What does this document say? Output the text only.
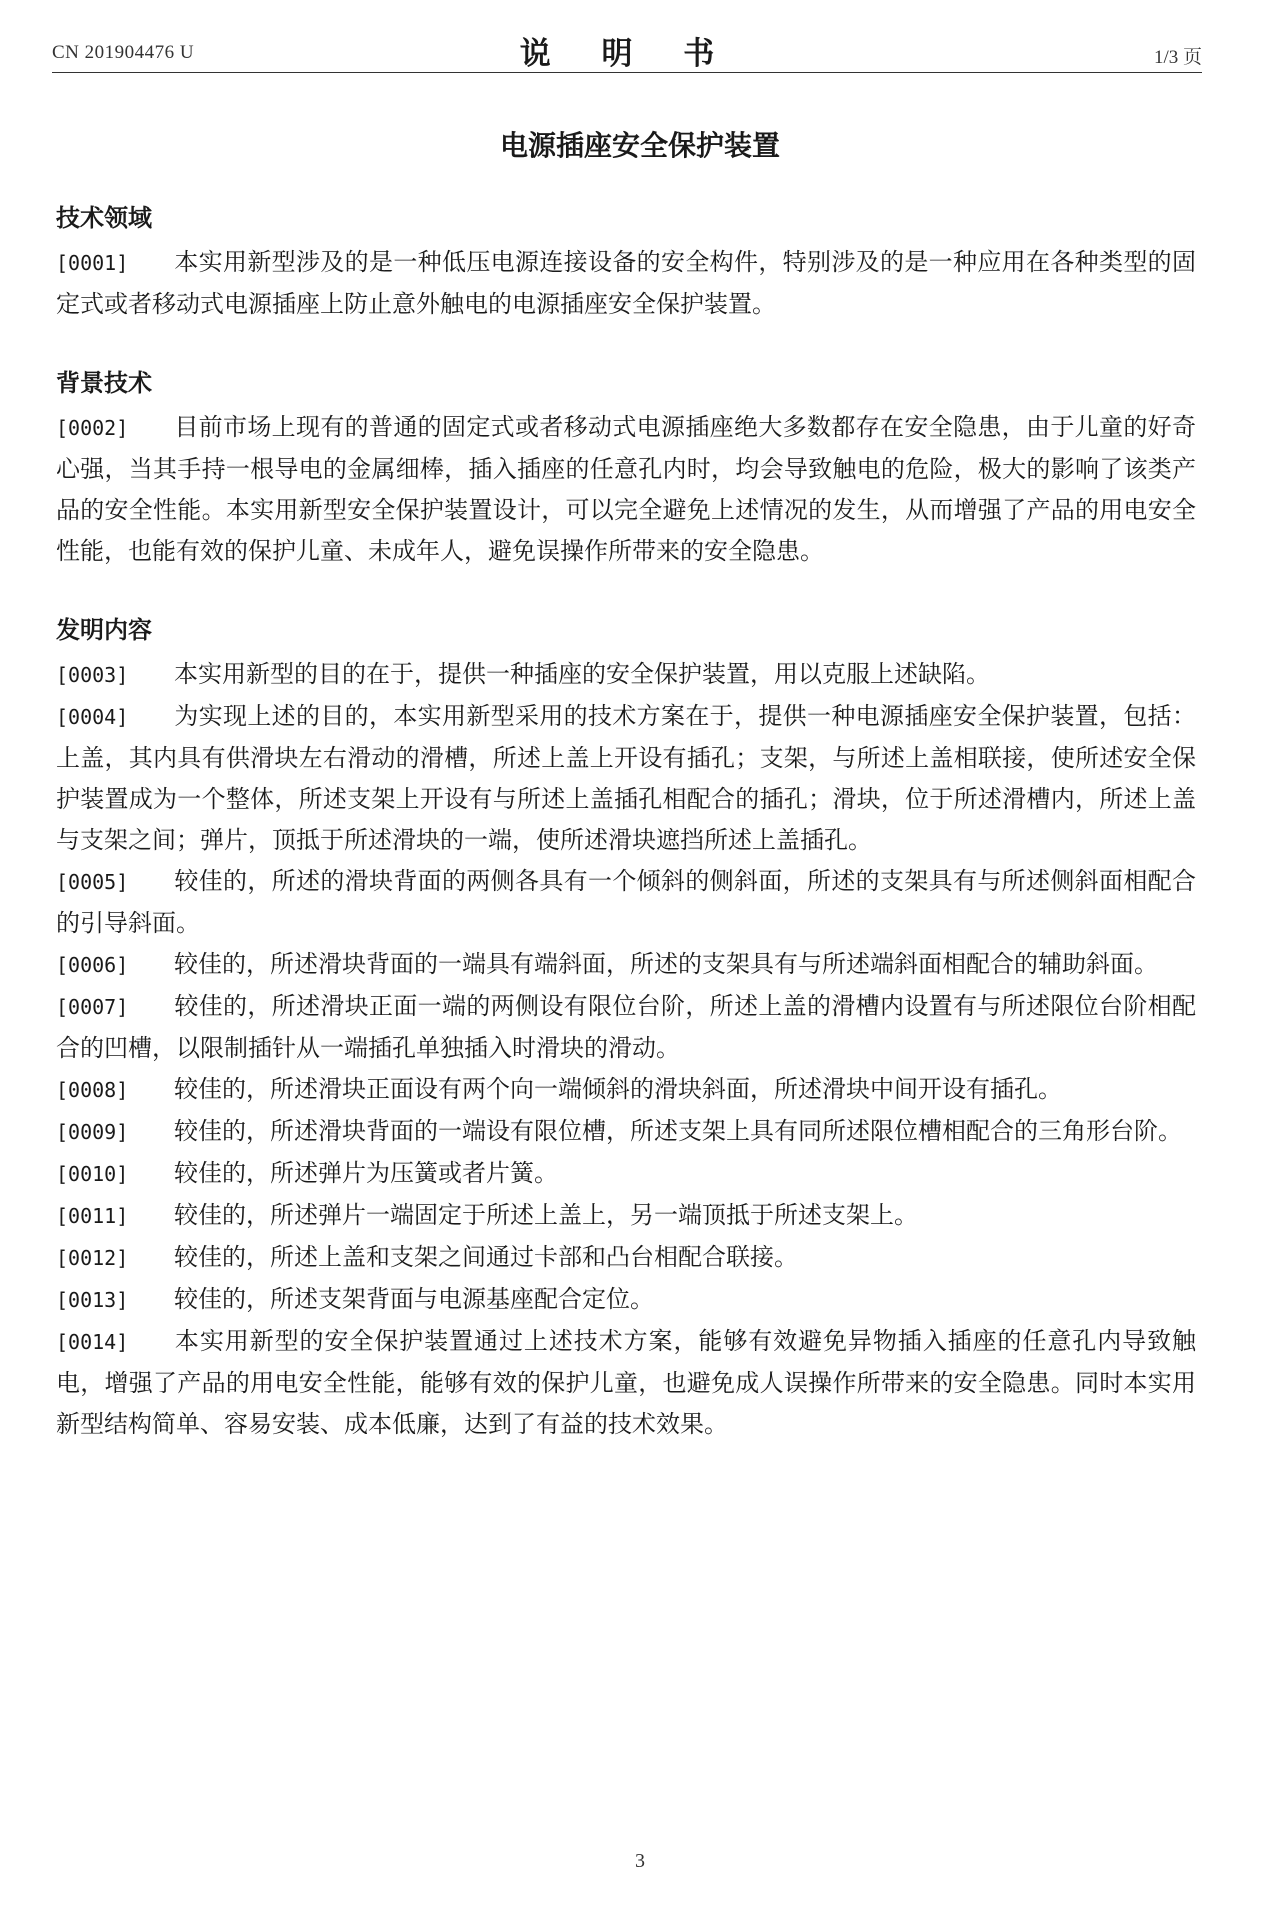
CN 201904476 U	说 明 书	1/3 页
电源插座安全保护装置
技术领域

[0001] 本实用新型涉及的是一种低压电源连接设备的安全构件，特别涉及的是一种应用在各种类型的固定式或者移动式电源插座上防止意外触电的电源插座安全保护装置。

背景技术

[0002] 目前市场上现有的普通的固定式或者移动式电源插座绝大多数都存在安全隐患，由于儿童的好奇心强，当其手持一根导电的金属细棒，插入插座的任意孔内时，均会导致触电的危险，极大的影响了该类产品的安全性能。本实用新型安全保护装置设计，可以完全避免上述情况的发生，从而增强了产品的用电安全性能，也能有效的保护儿童、未成年人，避免误操作所带来的安全隐患。

发明内容

[0003] 本实用新型的目的在于，提供一种插座的安全保护装置，用以克服上述缺陷。

[0004] 为实现上述的目的，本实用新型采用的技术方案在于，提供一种电源插座安全保护装置，包括：上盖，其内具有供滑块左右滑动的滑槽，所述上盖上开设有插孔；支架，与所述上盖相联接，使所述安全保护装置成为一个整体，所述支架上开设有与所述上盖插孔相配合的插孔；滑块，位于所述滑槽内，所述上盖与支架之间；弹片，顶抵于所述滑块的一端，使所述滑块遮挡所述上盖插孔。

[0005] 较佳的，所述的滑块背面的两侧各具有一个倾斜的侧斜面，所述的支架具有与所述侧斜面相配合的引导斜面。

[0006] 较佳的，所述滑块背面的一端具有端斜面，所述的支架具有与所述端斜面相配合的辅助斜面。

[0007] 较佳的，所述滑块正面一端的两侧设有限位台阶，所述上盖的滑槽内设置有与所述限位台阶相配合的凹槽，以限制插针从一端插孔单独插入时滑块的滑动。

[0008] 较佳的，所述滑块正面设有两个向一端倾斜的滑块斜面，所述滑块中间开设有插孔。

[0009] 较佳的，所述滑块背面的一端设有限位槽，所述支架上具有同所述限位槽相配合的三角形台阶。

[0010] 较佳的，所述弹片为压簧或者片簧。

[0011] 较佳的，所述弹片一端固定于所述上盖上，另一端顶抵于所述支架上。

[0012] 较佳的，所述上盖和支架之间通过卡部和凸台相配合联接。

[0013] 较佳的，所述支架背面与电源基座配合定位。

[0014] 本实用新型的安全保护装置通过上述技术方案，能够有效避免异物插入插座的任意孔内导致触电，增强了产品的用电安全性能，能够有效的保护儿童，也避免成人误操作所带来的安全隐患。同时本实用新型结构简单、容易安装、成本低廉，达到了有益的技术效果。

3
